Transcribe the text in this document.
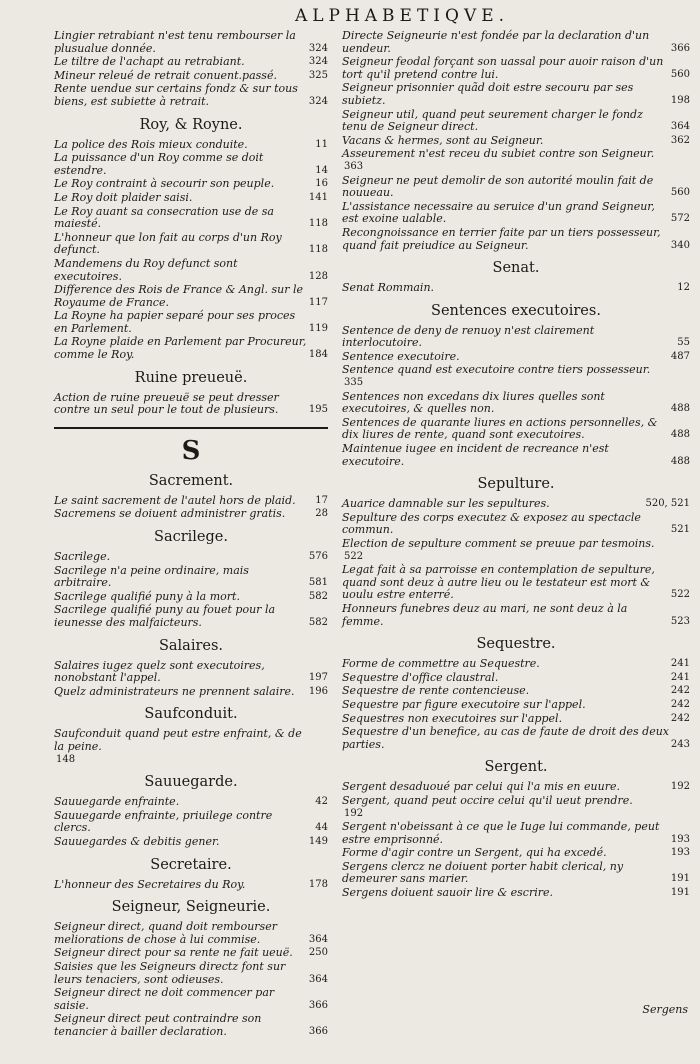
ALPHABETIQVE.
Lingier retrabiant n'est tenu rembourser la plusualue donnée.	324
Le tiltre de l'achapt au retrabiant.	324
Mineur releué de retrait conuent.passé.	325
Rente uendue sur certains fondz & sur tous biens, est subiette à retrait.	324
Roy, & Royne.
La police des Rois mieux conduite.	11
La puissance d'un Roy comme se doit estendre.	14
Le Roy contraint à secourir son peuple.	16
Le Roy doit plaider saisi.	141
Le Roy auant sa consecration use de sa maiesté.	118
L'honneur que lon fait au corps d'un Roy defunct.	118
Mandemens du Roy defunct sont executoires.	128
Difference des Rois de France & Angl. sur le Royaume de France.	117
La Royne ha papier separé pour ses proces en Parlement.	119
La Royne plaide en Parlement par Procureur, comme le Roy.	184
Ruine preueuë.
Action de ruine preueuë se peut dresser contre un seul pour le tout de plusieurs.	195
S
Sacrement.
Le saint sacrement de l'autel hors de plaid.	17
Sacremens se doiuent administrer gratis.	28
Sacrilege.
Sacrilege.	576
Sacrilege n'a peine ordinaire, mais arbitraire.	581
Sacrilege qualifié puny à la mort.	582
Sacrilege qualifié puny au fouet pour la ieunesse des malfaicteurs.	582
Salaires.
Salaires iugez quelz sont executoires, nonobstant l'appel.	197
Quelz administrateurs ne prennent salaire.	196
Saufconduit.
Saufconduit quand peut estre enfraint, & de la peine.
148
Sauuegarde.
Sauuegarde enfrainte.	42
Sauuegarde enfrainte, priuilege contre clercs.	44
Sauuegardes & debitis gener.	149
Secretaire.
L'honneur des Secretaires du Roy.	178
Seigneur, Seigneurie.
Seigneur direct, quand doit rembourser meliorations de chose à lui commise.	364
Seigneur direct pour sa rente ne fait ueuë.	250
Saisies que les Seigneurs directz font sur leurs tenaciers, sont odieuses.	364
Seigneur direct ne doit commencer par saisie.	366
Seigneur direct peut contraindre son tenancier à bailler declaration.	366
Directe Seigneurie n'est fondée par la declaration d'un uendeur.	366
Seigneur feodal forçant son uassal pour auoir raison d'un tort qu'il pretend contre lui.	560
Seigneur prisonnier quãd doit estre secouru par ses subietz.	198
Seigneur util, quand peut seurement charger le fondz tenu de Seigneur direct.	364
Vacans & hermes, sont au Seigneur.	362
Asseurement n'est receu du subiet contre son Seigneur.
363
Seigneur ne peut demolir de son autorité moulin fait de nouueau.	560
L'assistance necessaire au seruice d'un grand Seigneur, est exoine ualable.	572
Recongnoissance en terrier faite par un tiers possesseur, quand fait preiudice au Seigneur.	340
Senat.
Senat Rommain.	12
Sentences executoires.
Sentence de deny de renuoy n'est clairement interlocutoire.	55
Sentence executoire.	487
Sentence quand est executoire contre tiers possesseur.
335
Sentences non excedans dix liures quelles sont executoires, & quelles non.	488
Sentences de quarante liures en actions personnelles, & dix liures de rente, quand sont executoires.	488
Maintenue iugee en incident de recreance n'est executoire.	488
Sepulture.
Auarice damnable sur les sepultures.	520, 521
Sepulture des corps executez & exposez au spectacle commun.	521
Election de sepulture comment se preuue par tesmoins.
522
Legat fait à sa parroisse en contemplation de sepulture, quand sont deuz à autre lieu ou le testateur est mort & uoulu estre enterré.	522
Honneurs funebres deuz au mari, ne sont deuz à la femme.	523
Sequestre.
Forme de commettre au Sequestre.	241
Sequestre d'office claustral.	241
Sequestre de rente contencieuse.	242
Sequestre par figure executoire sur l'appel.	242
Sequestres non executoires sur l'appel.	242
Sequestre d'un benefice, au cas de faute de droit des deux parties.	243
Sergent.
Sergent desaduoué par celui qui l'a mis en euure.	192
Sergent, quand peut occire celui qu'il ueut prendre.
192
Sergent n'obeissant à ce que le Iuge lui commande, peut estre emprisonné.	193
Forme d'agir contre un Sergent, qui ha excedé.	193
Sergens clercz ne doiuent porter habit clerical, ny demeurer sans marier.	191
Sergens doiuent sauoir lire & escrire.	191
Sergens
